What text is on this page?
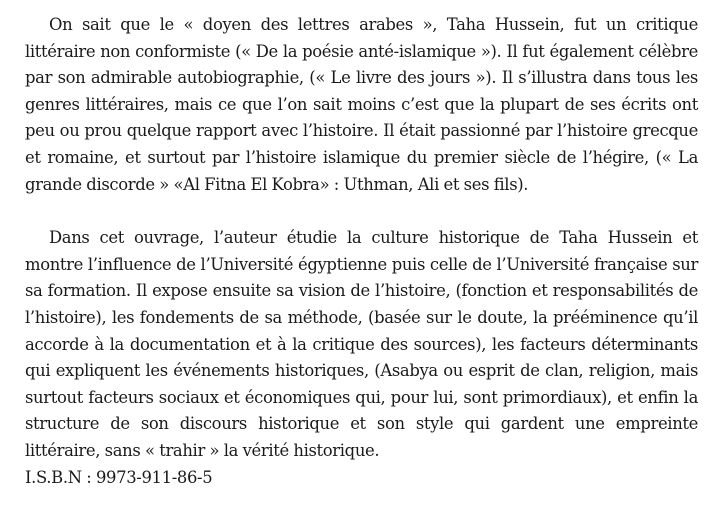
On sait que le « doyen des lettres arabes », Taha Hussein, fut un critique littéraire non conformiste (« De la poésie anté-islamique »). Il fut également célèbre par son admirable autobiographie, (« Le livre des jours »). Il s’illustra dans tous les genres littéraires, mais ce que l’on sait moins c’est que la plupart de ses écrits ont peu ou prou quelque rapport avec l’histoire. Il était passionné par l’histoire grecque et romaine, et surtout par l’histoire islamique du premier siècle de l’hégire, (« La grande discorde » «Al Fitna El Kobra» : Uthman, Ali et ses fils).

Dans cet ouvrage, l’auteur étudie la culture historique de Taha Hussein et montre l’influence de l’Université égyptienne puis celle de l’Université française sur sa formation. Il expose ensuite sa vision de l’histoire, (fonction et responsabilités de l’histoire), les fondements de sa méthode, (basée sur le doute, la prééminence qu’il accorde à la documentation et à la critique des sources), les facteurs déterminants qui expliquent les événements historiques, (Asabya ou esprit de clan, religion, mais surtout facteurs sociaux et économiques qui, pour lui, sont primordiaux), et enfin la structure de son discours historique et son style qui gardent une empreinte littéraire, sans « trahir » la vérité historique.

I.S.B.N : 9973-911-86-5
